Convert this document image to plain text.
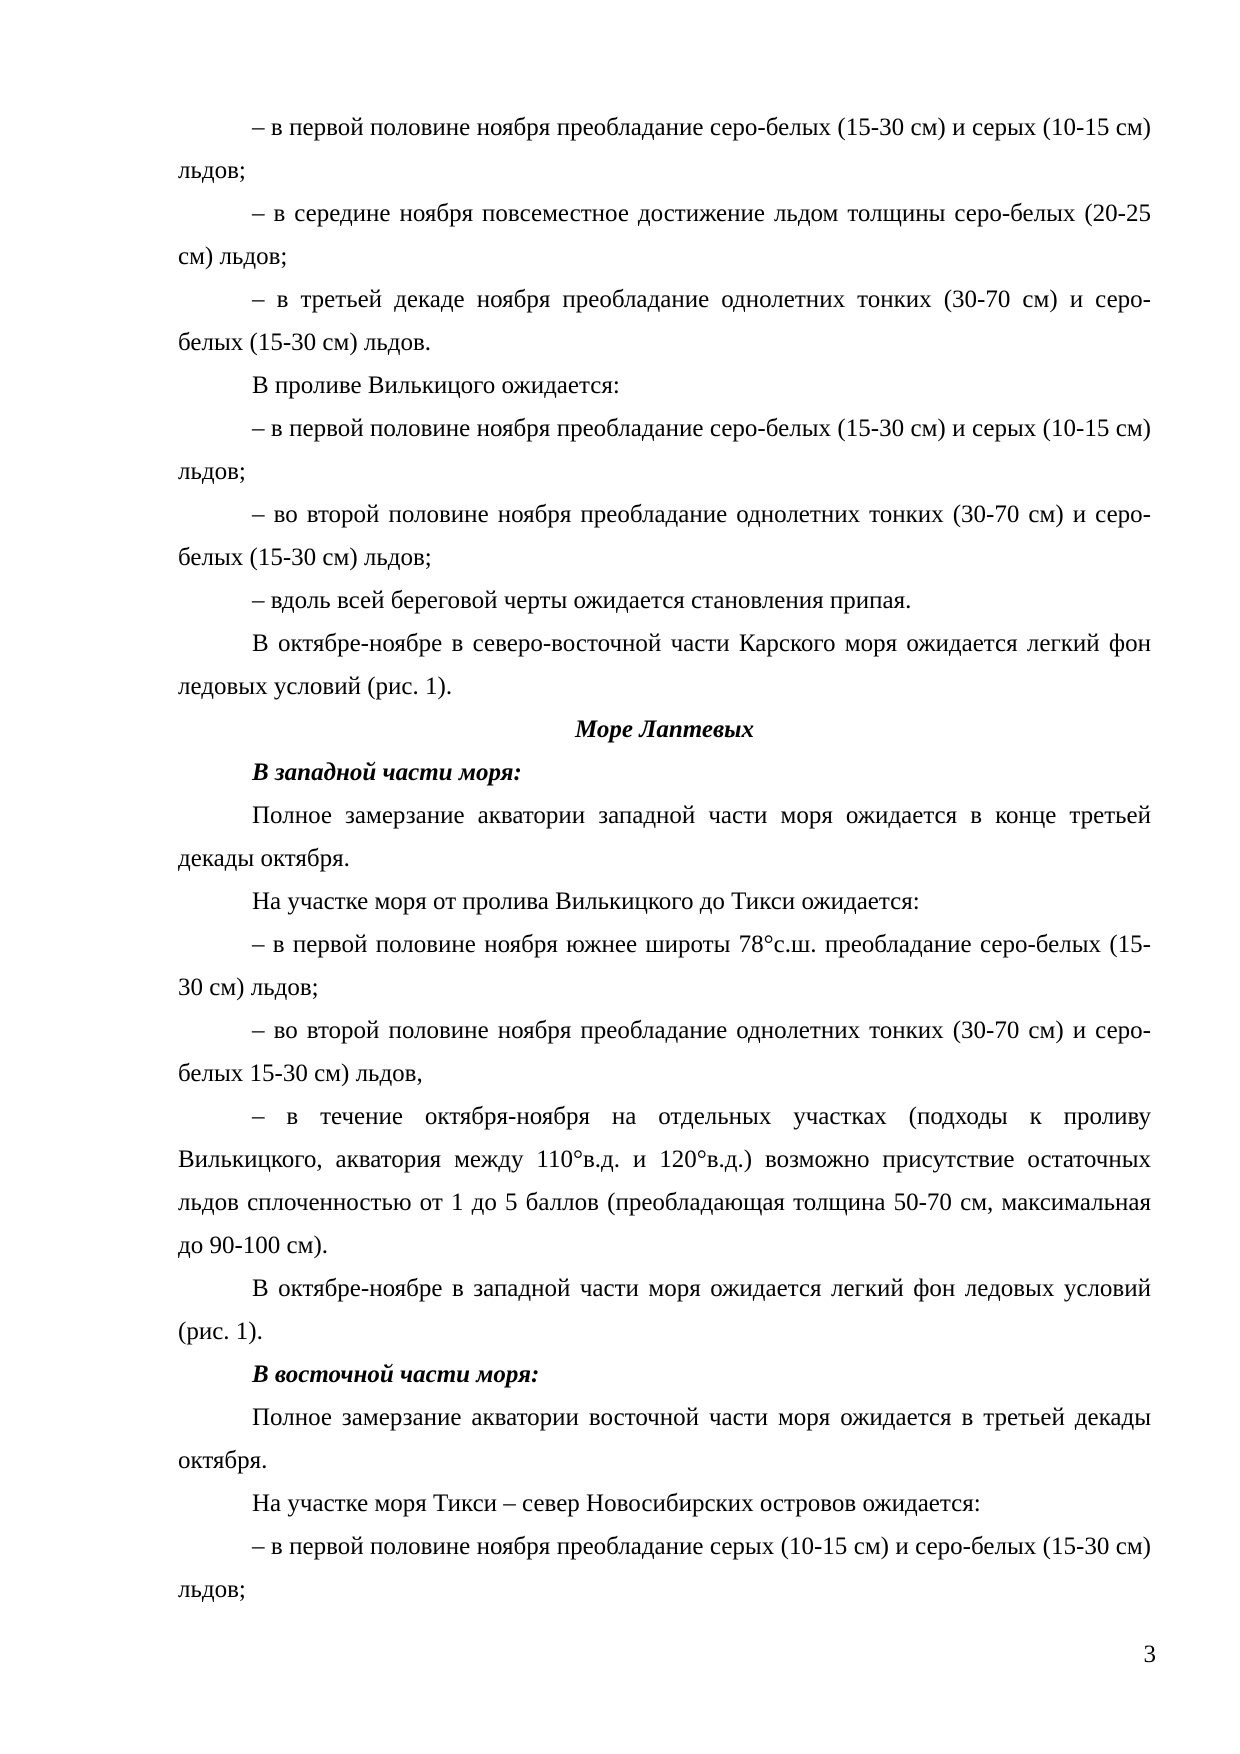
– в первой половине ноября преобладание серо-белых (15-30 см) и серых (10-15 см) льдов;

– в середине ноября повсеместное достижение льдом толщины серо-белых (20-25 см) льдов;

– в третьей декаде ноября преобладание однолетних тонких (30-70 см) и серо-белых (15-30 см) льдов.

В проливе Вилькицого ожидается:

– в первой половине ноября преобладание серо-белых (15-30 см) и серых (10-15 см) льдов;

– во второй половине ноября преобладание однолетних тонких (30-70 см) и серо-белых (15-30 см) льдов;

– вдоль всей береговой черты ожидается становления припая.

В октябре-ноябре в северо-восточной части Карского моря ожидается легкий фон ледовых условий (рис. 1).

Море Лаптевых

В западной части моря:

Полное замерзание акватории западной части моря ожидается в конце третьей декады октября.

На участке моря от пролива Вилькицкого до Тикси ожидается:

– в первой половине ноября южнее широты 78°с.ш. преобладание серо-белых (15-30 см) льдов;

– во второй половине ноября преобладание однолетних тонких (30-70 см) и серо-белых 15-30 см) льдов,

– в течение октября-ноября на отдельных участках (подходы к проливу Вилькицкого, акватория между 110°в.д. и 120°в.д.) возможно присутствие остаточных льдов сплоченностью от 1 до 5 баллов (преобладающая толщина 50-70 см, максимальная до 90-100 см).

В октябре-ноябре в западной части моря ожидается легкий фон ледовых условий (рис. 1).

В восточной части моря:

Полное замерзание акватории восточной части моря ожидается в третьей декады октября.

На участке моря Тикси – север Новосибирских островов ожидается:

– в первой половине ноября преобладание серых (10-15 см) и серо-белых (15-30 см) льдов;

3
